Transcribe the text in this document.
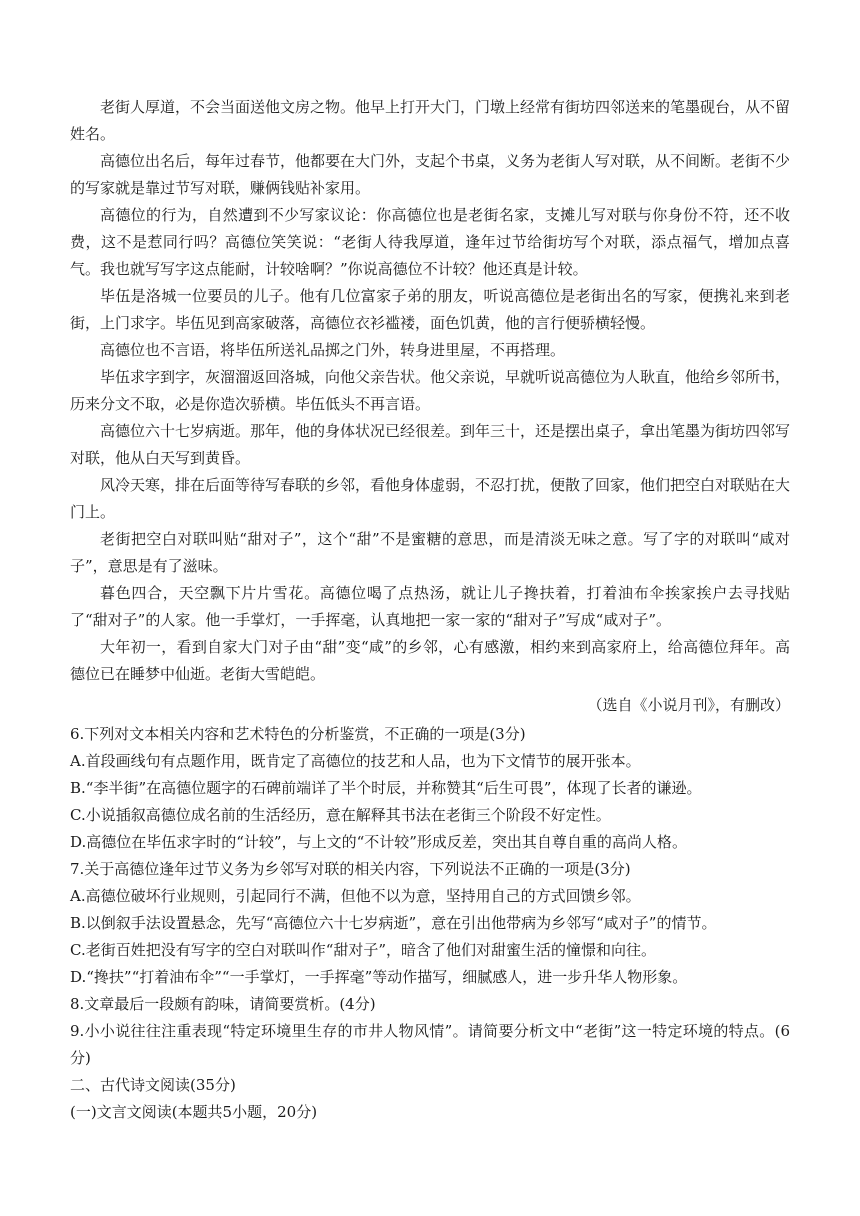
老街人厚道，不会当面送他文房之物。他早上打开大门，门墩上经常有街坊四邻送来的笔墨砚台，从不留姓名。

高德位出名后，每年过春节，他都要在大门外，支起个书桌，义务为老街人写对联，从不间断。老街不少的写家就是靠过节写对联，赚俩钱贴补家用。

高德位的行为，自然遭到不少写家议论：你高德位也是老街名家，支摊儿写对联与你身份不符，还不收费，这不是惹同行吗？高德位笑笑说：“老街人待我厚道，逢年过节给街坊写个对联，添点福气，增加点喜气。我也就写写字这点能耐，计较啥啊？”你说高德位不计较？他还真是计较。

毕伍是洛城一位要员的儿子。他有几位富家子弟的朋友，听说高德位是老街出名的写家，便携礼来到老街，上门求字。毕伍见到高家破落，高德位衣衫褴褛，面色饥黄，他的言行便骄横轻慢。

高德位也不言语，将毕伍所送礼品掷之门外，转身进里屋，不再搭理。

毕伍求字到字，灰溜溜返回洛城，向他父亲告状。他父亲说，早就听说高德位为人耿直，他给乡邻所书，历来分文不取，必是你造次骄横。毕伍低头不再言语。

高德位六十七岁病逝。那年，他的身体状况已经很差。到年三十，还是摆出桌子，拿出笔墨为街坊四邻写对联，他从白天写到黄昏。

风冷天寒，排在后面等待写春联的乡邻，看他身体虚弱，不忍打扰，便散了回家，他们把空白对联贴在大门上。

老街把空白对联叫贴“甜对子”，这个“甜”不是蜜糖的意思，而是清淡无味之意。写了字的对联叫“咸对子”，意思是有了滋味。

暮色四合，天空飘下片片雪花。高德位喝了点热汤，就让儿子搀扶着，打着油布伞挨家挨户去寻找贴了“甜对子”的人家。他一手掌灯，一手挥毫，认真地把一家一家的“甜对子”写成“咸对子”。

大年初一，看到自家大门对子由“甜”变“咸”的乡邻，心有感激，相约来到高家府上，给高德位拜年。高德位已在睡梦中仙逝。老街大雪皑皑。

（选自《小说月刊》，有删改）

6.下列对文本相关内容和艺术特色的分析鉴赏，不正确的一项是(3分)

A.首段画线句有点题作用，既肯定了高德位的技艺和人品，也为下文情节的展开张本。

B.“李半街”在高德位题字的石碑前端详了半个时辰，并称赞其“后生可畏”，体现了长者的谦逊。

C.小说插叙高德位成名前的生活经历，意在解释其书法在老街三个阶段不好定性。

D.高德位在毕伍求字时的“计较”，与上文的“不计较”形成反差，突出其自尊自重的高尚人格。

7.关于高德位逢年过节义务为乡邻写对联的相关内容，下列说法不正确的一项是(3分)

A.高德位破坏行业规则，引起同行不满，但他不以为意，坚持用自己的方式回馈乡邻。

B.以倒叙手法设置悬念，先写“高德位六十七岁病逝”，意在引出他带病为乡邻写“咸对子”的情节。

C.老街百姓把没有写字的空白对联叫作“甜对子”，暗含了他们对甜蜜生活的憧憬和向往。

D.“搀扶”“打着油布伞”“一手掌灯，一手挥毫”等动作描写，细腻感人，进一步升华人物形象。

8.文章最后一段颇有韵味，请简要赏析。(4分)

9.小小说往往注重表现“特定环境里生存的市井人物风情”。请简要分析文中“老街”这一特定环境的特点。(6分)

二、古代诗文阅读(35分)

(一)文言文阅读(本题共5小题，20分)
